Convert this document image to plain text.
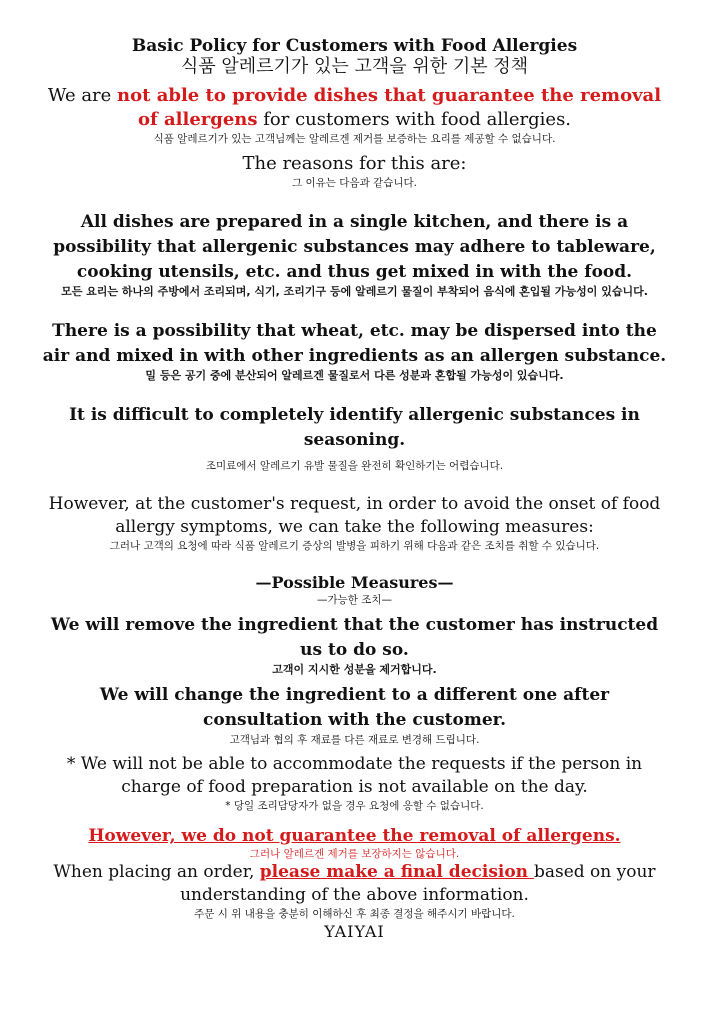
Basic Policy for Customers with Food Allergies
식품 알레르기가 있는 고객을 위한 기본 정책
We are not able to provide dishes that guarantee the removal of allergens for customers with food allergies.
식품 알레르기가 있는 고객님께는 알레르겐 제거를 보증하는 요리를 제공할 수 없습니다.
The reasons for this are:
그 이유는 다음과 같습니다.
All dishes are prepared in a single kitchen, and there is a possibility that allergenic substances may adhere to tableware, cooking utensils, etc. and thus get mixed in with the food.
모든 요리는 하나의 주방에서 조리되며, 식기, 조리기구 등에 알레르기 물질이 부착되어 음식에 혼입될 가능성이 있습니다.
There is a possibility that wheat, etc. may be dispersed into the air and mixed in with other ingredients as an allergen substance.
밀 등은 공기 중에 분산되어 알레르겐 물질로서 다른 성분과 혼합될 가능성이 있습니다.
It is difficult to completely identify allergenic substances in seasoning.
조미료에서 알레르기 유발 물질을 완전히 확인하기는 어렵습니다.
However, at the customer's request, in order to avoid the onset of food allergy symptoms, we can take the following measures:
그러나 고객의 요청에 따라 식품 알레르기 증상의 발병을 피하기 위해 다음과 같은 조치를 취할 수 있습니다.
—Possible Measures—
—가능한 조치—
We will remove the ingredient that the customer has instructed us to do so.
고객이 지시한 성분을 제거합니다.
We will change the ingredient to a different one after consultation with the customer.
고객님과 협의 후 재료를 다른 재료로 변경해 드립니다.
* We will not be able to accommodate the requests if the person in charge of food preparation is not available on the day.
* 당일 조리담당자가 없을 경우 요청에 응할 수 없습니다.
However, we do not guarantee the removal of allergens.
그러나 알레르겐 제거를 보장하지는 않습니다.
When placing an order, please make a final decision based on your understanding of the above information.
주문 시 위 내용을 충분히 이해하신 후 최종 결정을 해주시기 바랍니다.
YAIYAI
